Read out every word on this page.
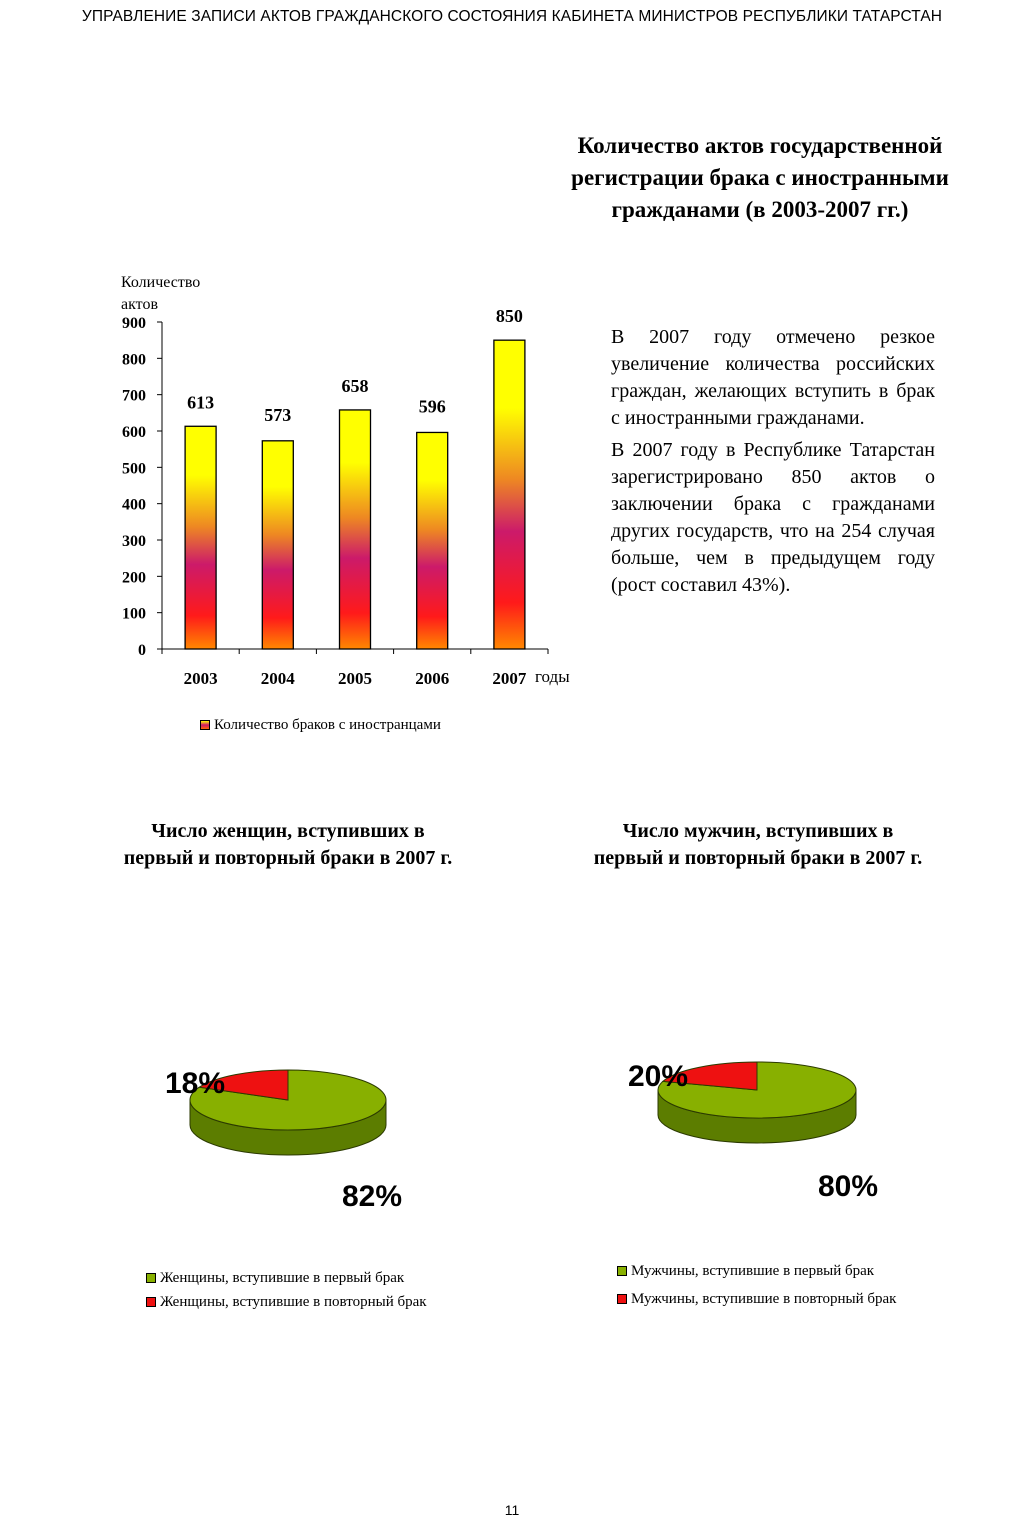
УПРАВЛЕНИЕ ЗАПИСИ АКТОВ ГРАЖДАНСКОГО СОСТОЯНИЯ КАБИНЕТА МИНИСТРОВ РЕСПУБЛИКИ ТАТАРСТАН
Количество актов государственной регистрации брака с иностранными гражданами (в 2003-2007 гг.)

В 2007 году отмечено резкое увеличение количества российских граждан, желающих вступить в брак с иностранными гражданами.

В 2007 году в Республике Татарстан зарегистрировано 850 актов о заключении брака с гражданами других государств, что на 254 случая больше, чем в предыдущем году (рост составил 43%).

0
100
200
300
400
500
600
700
800
900
613
2003
573
2004
658
2005
596
2006
850
2007
Количество актов
годы
Количество браков с иностранцами
Число женщин, вступивших в первый и повторный браки в 2007 г.
Число мужчин, вступивших в первый и повторный браки в 2007 г.
18%
82%
20%
80%
Женщины, вступившие в первый брак
Женщины, вступившие в повторный брак
Мужчины, вступившие в первый брак
Мужчины, вступившие в повторный брак
11
